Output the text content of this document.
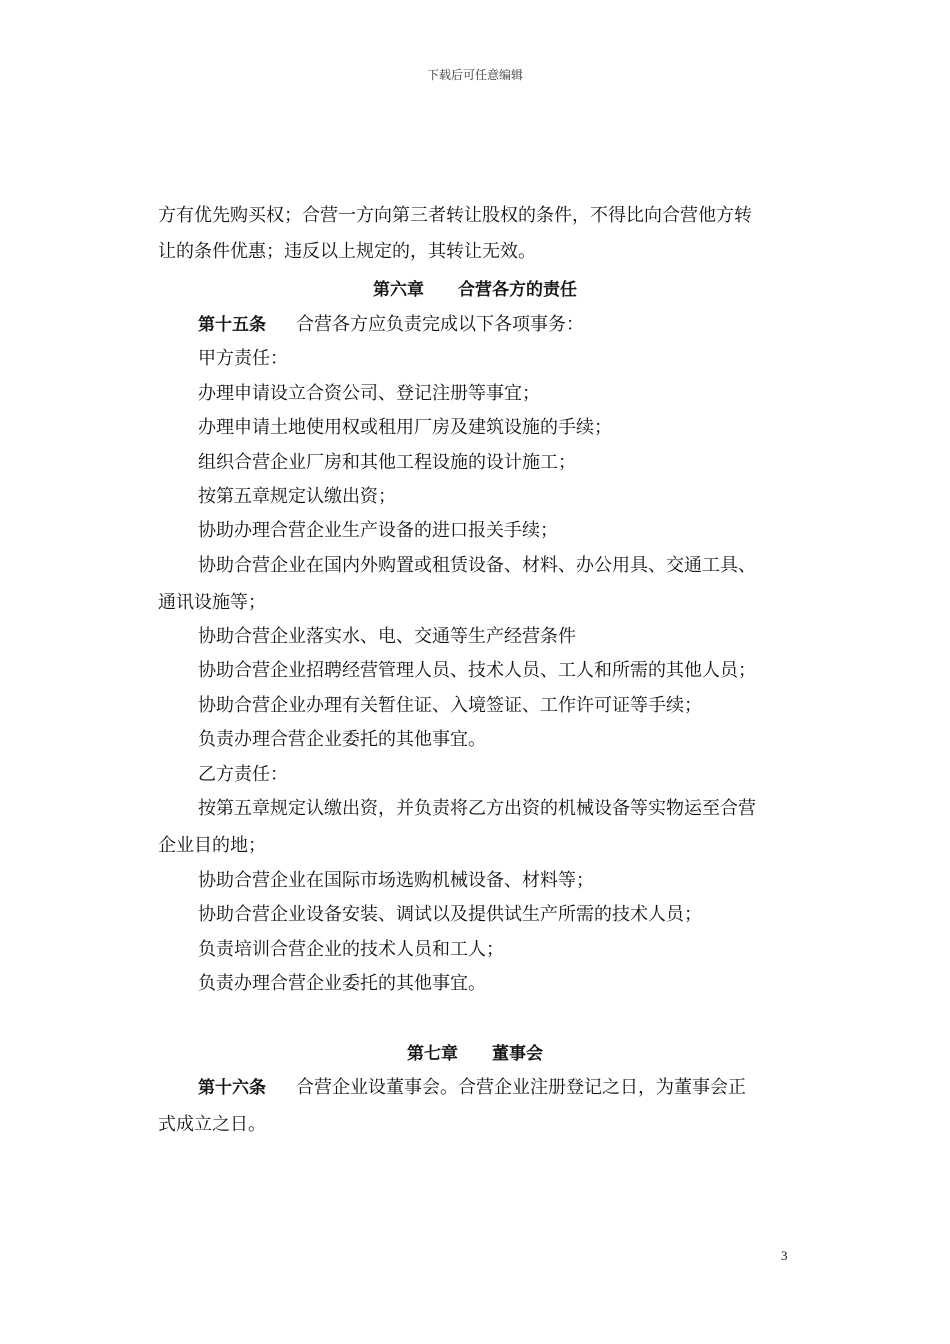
下载后可任意编辑
方有优先购买权；合营一方向第三者转让股权的条件，不得比向合营他方转
让的条件优惠；违反以上规定的，其转让无效。
第六章 合营各方的责任
第十五条 合营各方应负责完成以下各项事务：
甲方责任：
办理申请设立合资公司、登记注册等事宜；
办理申请土地使用权或租用厂房及建筑设施的手续；
组织合营企业厂房和其他工程设施的设计施工；
按第五章规定认缴出资；
协助办理合营企业生产设备的进口报关手续；
协助合营企业在国内外购置或租赁设备、材料、办公用具、交通工具、
通讯设施等；
协助合营企业落实水、电、交通等生产经营条件
协助合营企业招聘经营管理人员、技术人员、工人和所需的其他人员；
协助合营企业办理有关暂住证、入境签证、工作许可证等手续；
负责办理合营企业委托的其他事宜。
乙方责任：
按第五章规定认缴出资，并负责将乙方出资的机械设备等实物运至合营
企业目的地；
协助合营企业在国际市场选购机械设备、材料等；
协助合营企业设备安装、调试以及提供试生产所需的技术人员；
负责培训合营企业的技术人员和工人；
负责办理合营企业委托的其他事宜。
第七章 董事会
第十六条 合营企业设董事会。合营企业注册登记之日，为董事会正
式成立之日。
3
